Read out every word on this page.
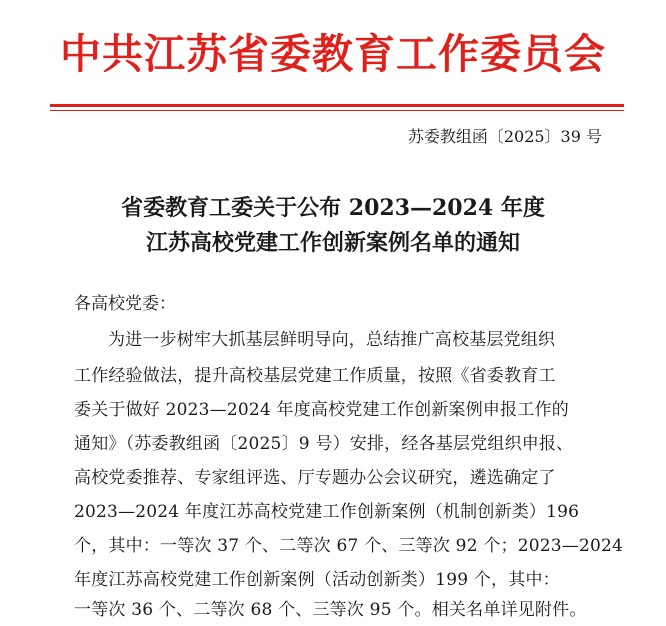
中共江苏省委教育工作委员会
苏委教组函〔2025〕39 号
省委教育工委关于公布 2023—2024 年度
江苏高校党建工作创新案例名单的通知
各高校党委：
为进一步树牢大抓基层鲜明导向，总结推广高校基层党组织
工作经验做法，提升高校基层党建工作质量，按照《省委教育工
委关于做好 2023—2024 年度高校党建工作创新案例申报工作的
通知》（苏委教组函〔2025〕9 号）安排，经各基层党组织申报、
高校党委推荐、专家组评选、厅专题办公会议研究，遴选确定了
2023—2024 年度江苏高校党建工作创新案例（机制创新类）196
个，其中：一等次 37 个、二等次 67 个、三等次 92 个；2023—2024
年度江苏高校党建工作创新案例（活动创新类）199 个，其中：
一等次 36 个、二等次 68 个、三等次 95 个。相关名单详见附件。
